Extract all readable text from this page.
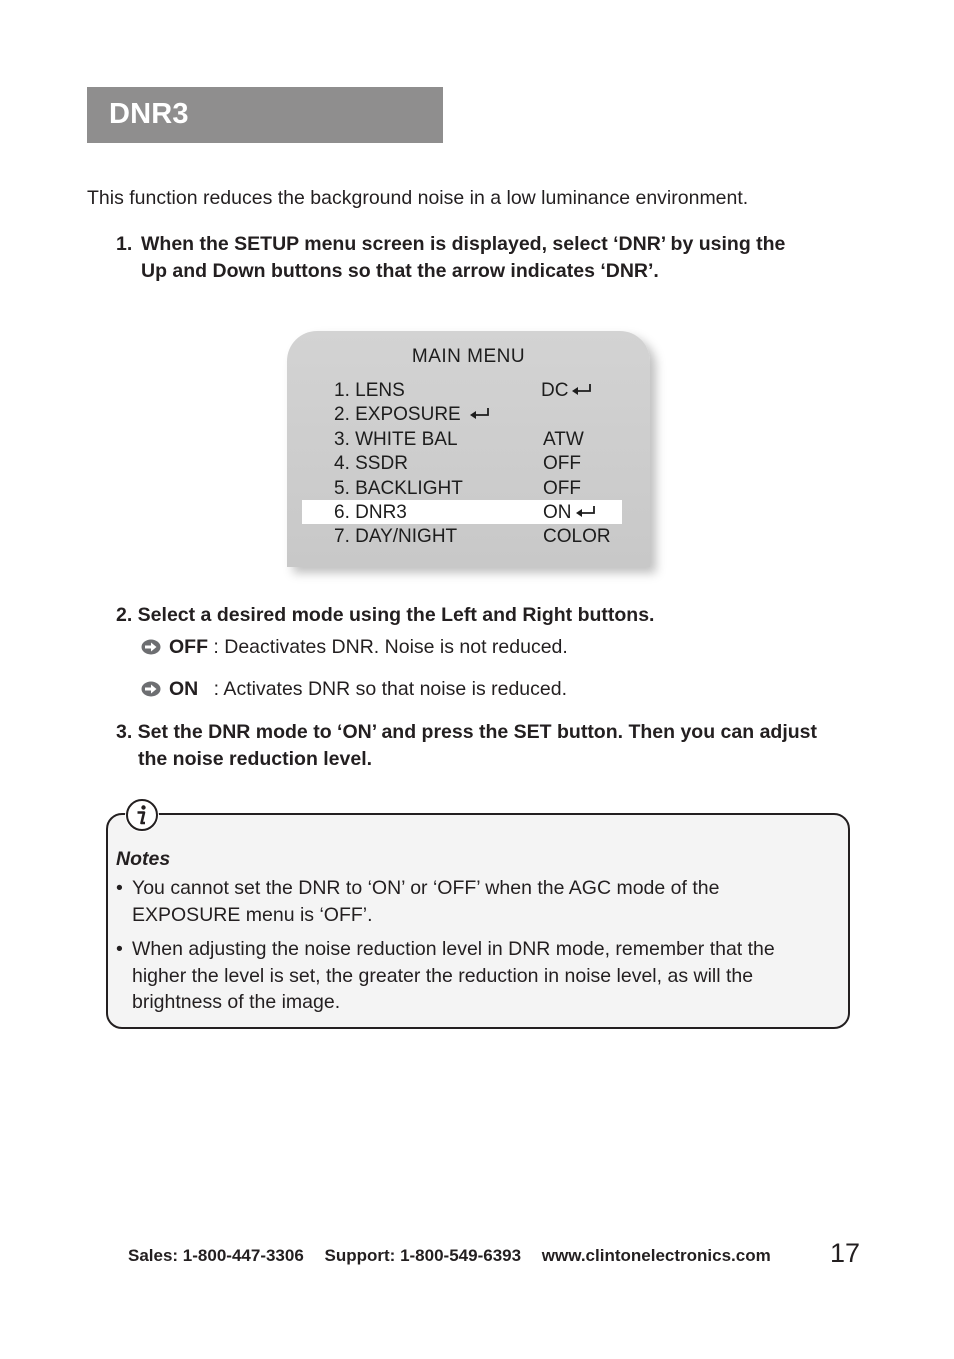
DNR3
This function reduces the background noise in a low luminance environment.
1. When the SETUP menu screen is displayed, select ‘DNR’ by using the
Up and Down buttons so that the arrow indicates ‘DNR’.
MAIN MENU
1. LENS	DC
2. EXPOSURE
3. WHITE BAL	ATW
4. SSDR	OFF
5. BACKLIGHT	OFF
6. DNR3	ON
7. DAY/NIGHT	COLOR
2. Select a desired mode using the Left and Right buttons.
OFF : Deactivates DNR. Noise is not reduced.
ON : Activates DNR so that noise is reduced.
3. Set the DNR mode to ‘ON’ and press the SET button. Then you can adjust
the noise reduction level.
Notes
• You cannot set the DNR to ‘ON’ or ‘OFF’ when the AGC mode of the
EXPOSURE menu is ‘OFF’.
• When adjusting the noise reduction level in DNR mode, remember that the
higher the level is set, the greater the reduction in noise level, as will the
brightness of the image.
Sales: 1-800-447-3306 Support: 1-800-549-6393 www.clintonelectronics.com	17
